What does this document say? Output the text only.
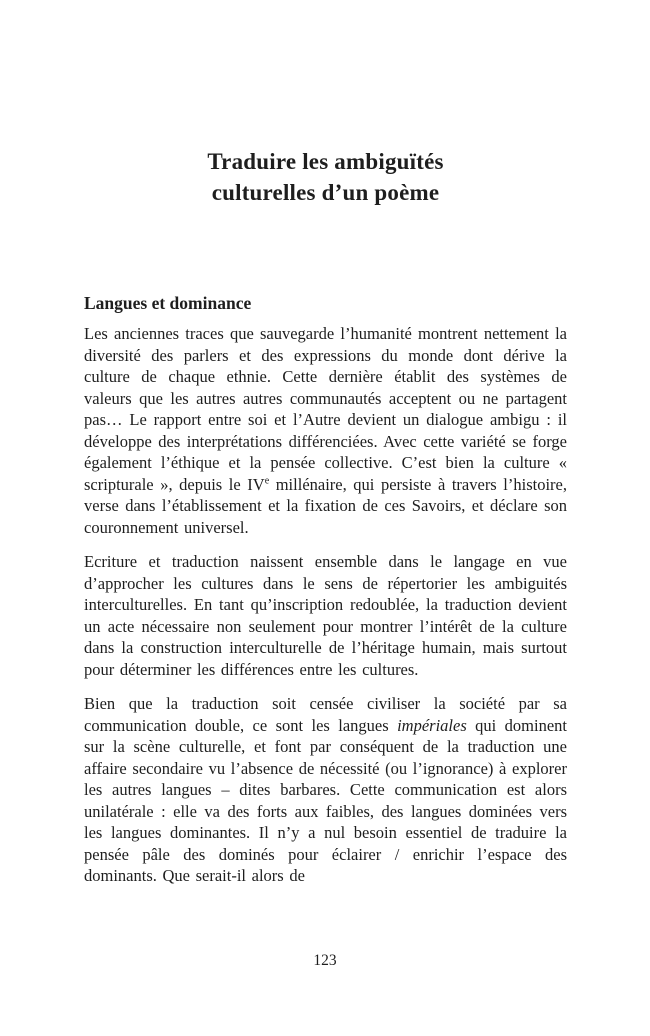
Traduire les ambiguïtés
culturelles d’un poème
Langues et dominance

Les anciennes traces que sauvegarde l’humanité montrent nettement la diversité des parlers et des expressions du monde dont dérive la culture de chaque ethnie. Cette dernière établit des systèmes de valeurs que les autres autres communautés acceptent ou ne partagent pas… Le rapport entre soi et l’Autre devient un dialogue ambigu : il développe des interprétations différenciées. Avec cette variété se forge également l’éthique et la pensée collective. C’est bien la culture « scripturale », depuis le IVe millénaire, qui persiste à travers l’histoire, verse dans l’établissement et la fixation de ces Savoirs, et déclare son couronnement universel.

Ecriture et traduction naissent ensemble dans le langage en vue d’approcher les cultures dans le sens de répertorier les ambiguités interculturelles. En tant qu’inscription redoublée, la traduction devient un acte nécessaire non seulement pour montrer l’intérêt de la culture dans la construction interculturelle de l’héritage humain, mais surtout pour déterminer les différences entre les cultures.

Bien que la traduction soit censée civiliser la société par sa communication double, ce sont les langues impériales qui dominent sur la scène culturelle, et font par conséquent de la traduction une affaire secondaire vu l’absence de nécessité (ou l’ignorance) à explorer les autres langues – dites barbares. Cette communication est alors unilatérale : elle va des forts aux faibles, des langues dominées vers les langues dominantes. Il n’y a nul besoin essentiel de traduire la pensée pâle des dominés pour éclairer / enrichir l’espace des dominants. Que serait-il alors de

123
